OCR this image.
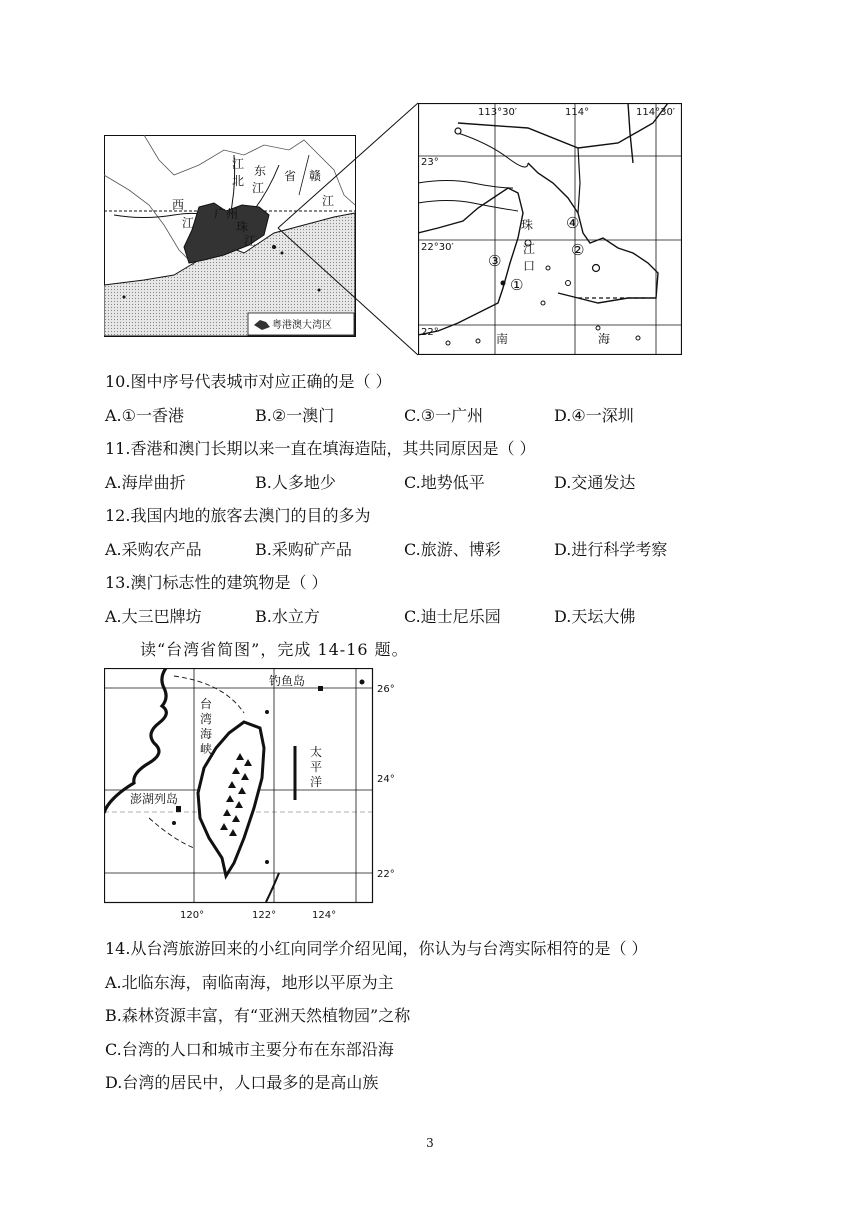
江
北
东
江
赣
省
西
江
广州
珠
江
江
粤港澳大湾区
113°30′	114°	114°30′
23°
22°30′
22°
珠
江
口
南	海
①
②
③
④
10.图中序号代表城市对应正确的是（ ）
A.①一香港	B.②一澳门	C.③一广州	D.④一深圳
11.香港和澳门长期以来一直在填海造陆，其共同原因是（ ）
A.海岸曲折	B.人多地少	C.地势低平	D.交通发达
12.我国内地的旅客去澳门的目的多为
A.采购农产品	B.采购矿产品	C.旅游、博彩	D.进行科学考察
13.澳门标志性的建筑物是（ ）
A.大三巴牌坊	B.水立方	C.迪士尼乐园	D.天坛大佛
读“台湾省简图”，完成 14-16 题。
钓鱼岛
台
湾
海
峡	太
平
洋
澎湖列岛
26°
24°
22°
120°	122°	124°
14.从台湾旅游回来的小红向同学介绍见闻，你认为与台湾实际相符的是（ ）
A.北临东海，南临南海，地形以平原为主
B.森林资源丰富，有“亚洲天然植物园”之称
C.台湾的人口和城市主要分布在东部沿海
D.台湾的居民中，人口最多的是高山族
3
